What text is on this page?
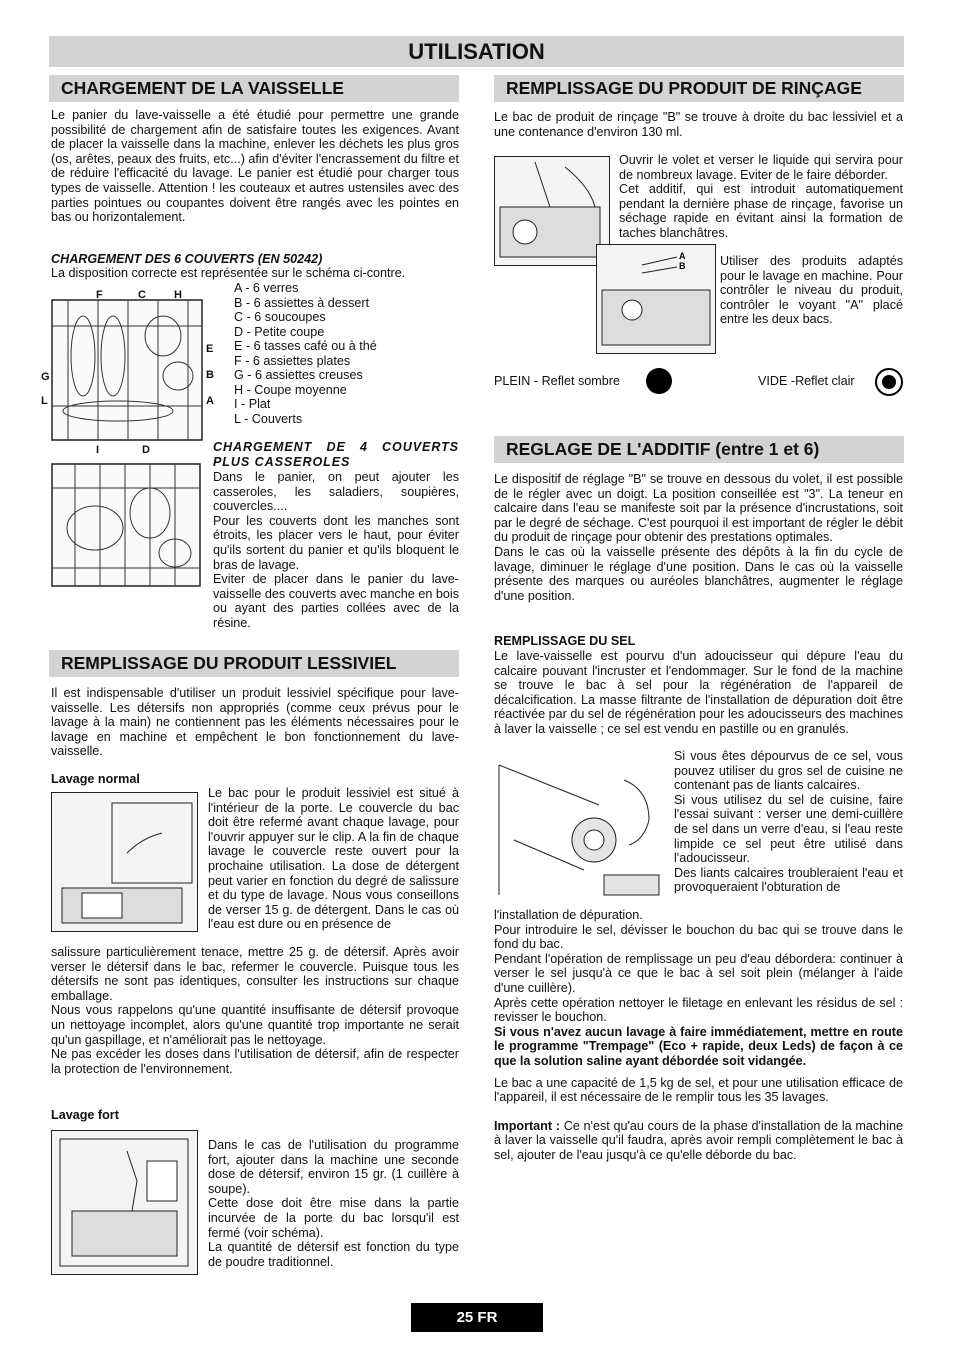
UTILISATION
CHARGEMENT DE LA VAISSELLE

Le panier du lave-vaisselle a été étudié pour permettre une grande possibilité de chargement afin de satisfaire toutes les exigences. Avant de placer la vaisselle dans la machine, enlever les déchets les plus gros (os, arêtes, peaux des fruits, etc...) afin d'éviter l'encrassement du filtre et de réduire l'efficacité du lavage. Le panier est étudié pour charger tous types de vaisselle. Attention ! les couteaux et autres ustensiles avec des parties pointues ou coupantes doivent être rangés avec les pointes en bas ou horizontalement.

CHARGEMENT DES 6 COUVERTS (EN 50242)

La disposition correcte est représentée sur le schéma ci-contre.

F	C	H
E
B
A
G
L
I	D
A - 6 verres
B - 6 assiettes à dessert
C - 6 soucoupes
D - Petite coupe
E - 6 tasses café ou à thé
F - 6 assiettes plates
G - 6 assiettes creuses
H - Coupe moyenne
I - Plat
L - Couverts

CHARGEMENT DE 4 COUVERTS PLUS CASSEROLES

Dans le panier, on peut ajouter les casseroles, les saladiers, soupières, couvercles....

Pour les couverts dont les manches sont étroits, les placer vers le haut, pour éviter qu'ils sortent du panier et qu'ils bloquent le bras de lavage.

Eviter de placer dans le panier du lave-vaisselle des couverts avec manche en bois ou ayant des parties collées avec de la résine.

REMPLISSAGE DU PRODUIT LESSIVIEL

Il est indispensable d'utiliser un produit lessiviel spécifique pour lave-vaisselle. Les détersifs non appropriés (comme ceux prévus pour le lavage à la main) ne contiennent pas les éléments nécessaires pour le lavage en machine et empêchent le bon fonctionnement du lave-vaisselle.

Lavage normal

Le bac pour le produit lessiviel est situé à l'intérieur de la porte. Le couvercle du bac doit être refermé avant chaque lavage, pour l'ouvrir appuyer sur le clip. A la fin de chaque lavage le couvercle reste ouvert pour la prochaine utilisation. La dose de détergent peut varier en fonction du degré de salissure et du type de lavage. Nous vous conseillons de verser 15 g. de détergent. Dans le cas où l'eau est dure ou en présence de

salissure particulièrement tenace, mettre 25 g. de détersif. Après avoir verser le détersif dans le bac, refermer le couvercle. Puisque tous les détersifs ne sont pas identiques, consulter les instructions sur chaque emballage.

Nous vous rappelons qu'une quantité insuffisante de détersif provoque un nettoyage incomplet, alors qu'une quantité trop importante ne serait qu'un gaspillage, et n'améliorait pas le nettoyage.

Ne pas excéder les doses dans l'utilisation de détersif, afin de respecter la protection de l'environnement.

Lavage fort

Dans le cas de l'utilisation du programme fort, ajouter dans la machine une seconde dose de détersif, environ 15 gr. (1 cuillère à soupe).

Cette dose doit être mise dans la partie incurvée de la porte du bac lorsqu'il est fermé (voir schéma).

La quantité de détersif est fonction du type de poudre traditionnel.

REMPLISSAGE DU PRODUIT DE RINÇAGE

Le bac de produit de rinçage "B" se trouve à droite du bac lessiviel et a une contenance d'environ 130 ml.

A
B

Ouvrir le volet et verser le liquide qui servira pour de nombreux lavage. Eviter de le faire déborder.

Cet additif, qui est introduit automatiquement pendant la dernière phase de rinçage, favorise un séchage rapide en évitant ainsi la formation de taches blanchâtres.

Utiliser des produits adaptés pour le lavage en machine. Pour contrôler le niveau du produit, contrôler le voyant "A" placé entre les deux bacs.

PLEIN - Reflet sombre	VIDE -Reflet clair

REGLAGE DE L'ADDITIF (entre 1 et 6)

Le dispositif de réglage "B" se trouve en dessous du volet, il est possible de le régler avec un doigt. La position conseillée est "3". La teneur en calcaire dans l'eau se manifeste soit par la présence d'incrustations, soit par le degré de séchage. C'est pourquoi il est important de régler le débit du produit de rinçage pour obtenir des prestations optimales.

Dans le cas où la vaisselle présente des dépôts à la fin du cycle de lavage, diminuer le réglage d'une position. Dans le cas où la vaisselle présente des marques ou auréoles blanchâtres, augmenter le réglage d'une position.

REMPLISSAGE DU SEL

Le lave-vaisselle est pourvu d'un adoucisseur qui dépure l'eau du calcaire pouvant l'incruster et l'endommager. Sur le fond de la machine se trouve le bac à sel pour la régénération de l'appareil de décalcification. La masse filtrante de l'installation de dépuration doit être réactivée par du sel de régénération pour les adoucisseurs des machines à laver la vaisselle ; ce sel est vendu en pastille ou en granulés.

Si vous êtes dépourvus de ce sel, vous pouvez utiliser du gros sel de cuisine ne contenant pas de liants calcaires.

Si vous utilisez du sel de cuisine, faire l'essai suivant : verser une demi-cuillère de sel dans un verre d'eau, si l'eau reste limpide ce sel peut être utilisé dans l'adoucisseur.

Des liants calcaires troubleraient l'eau et provoqueraient l'obturation de

l'installation de dépuration.

Pour introduire le sel, dévisser le bouchon du bac qui se trouve dans le fond du bac.

Pendant l'opération de remplissage un peu d'eau débordera: continuer à verser le sel jusqu'à ce que le bac à sel soit plein (mélanger à l'aide d'une cuillère).

Après cette opération nettoyer le filetage en enlevant les résidus de sel : revisser le bouchon.

Si vous n'avez aucun lavage à faire immédiatement, mettre en route le programme "Trempage" (Eco + rapide, deux Leds) de façon à ce que la solution saline ayant débordée soit vidangée.

Le bac a une capacité de 1,5 kg de sel, et pour une utilisation efficace de l'appareil, il est nécessaire de le remplir tous les 35 lavages.

Important : Ce n'est qu'au cours de la phase d'installation de la machine à laver la vaisselle qu'il faudra, après avoir rempli complètement le bac à sel, ajouter de l'eau jusqu'à ce qu'elle déborde du bac.

25 FR
